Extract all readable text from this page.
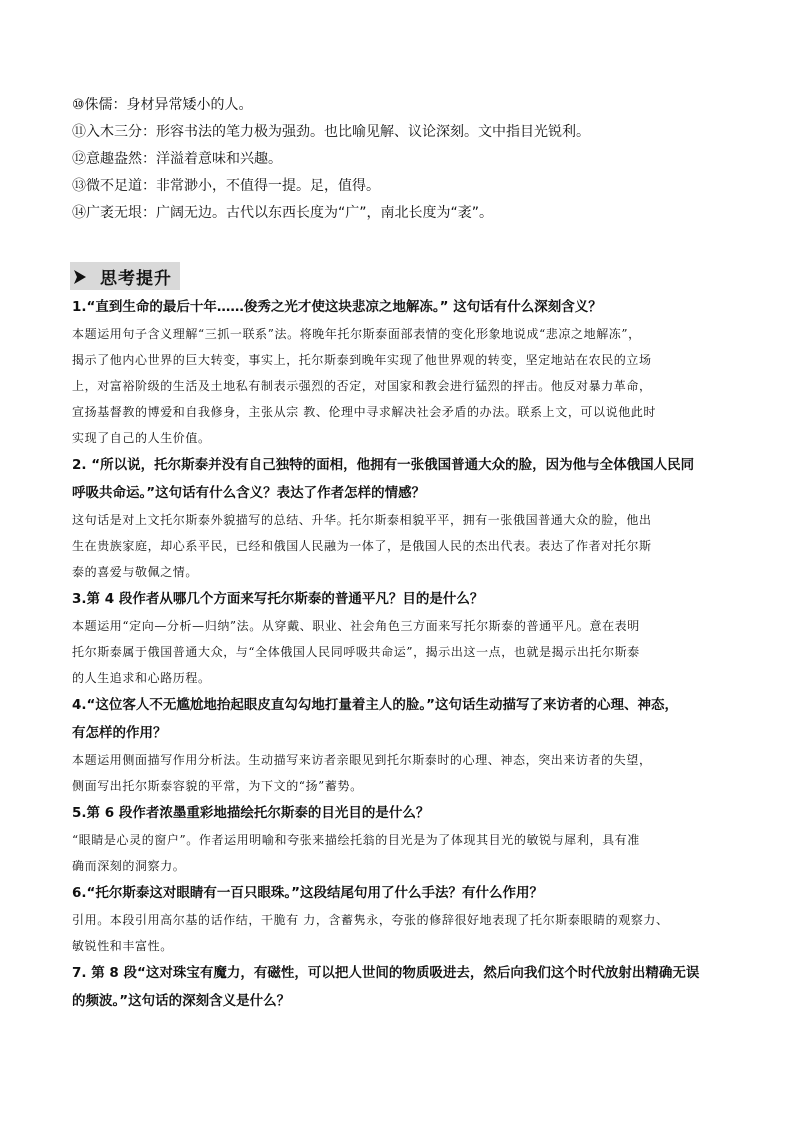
⑩侏儒：身材异常矮小的人。
⑪入木三分：形容书法的笔力极为强劲。也比喻见解、议论深刻。文中指目光锐利。
⑫意趣盎然：洋溢着意味和兴趣。
⑬微不足道：非常渺小，不值得一提。足，值得。
⑭广袤无垠：广阔无边。古代以东西长度为“广”，南北长度为“袤”。
思考提升

1.“直到生命的最后十年……俊秀之光才使这块悲凉之地解冻。” 这句话有什么深刻含义？

本题运用句子含义理解“三抓一联系”法。将晚年托尔斯泰面部表情的变化形象地说成“悲凉之地解冻”，

揭示了他内心世界的巨大转变，事实上，托尔斯泰到晚年实现了他世界观的转变，坚定地站在农民的立场

上，对富裕阶级的生活及土地私有制表示强烈的否定，对国家和教会进行猛烈的抨击。他反对暴力革命，

宣扬基督教的博爱和自我修身，主张从宗 教、伦理中寻求解决社会矛盾的办法。联系上文，可以说他此时

实现了自己的人生价值。

2. “所以说，托尔斯泰并没有自己独特的面相，他拥有一张俄国普通大众的脸，因为他与全体俄国人民同

呼吸共命运。”这句话有什么含义？表达了作者怎样的情感？

这句话是对上文托尔斯泰外貌描写的总结、升华。托尔斯泰相貌平平，拥有一张俄国普通大众的脸，他出

生在贵族家庭，却心系平民，已经和俄国人民融为一体了，是俄国人民的杰出代表。表达了作者对托尔斯

泰的喜爱与敬佩之情。

3.第 4 段作者从哪几个方面来写托尔斯泰的普通平凡？目的是什么？

本题运用“定向—分析—归纳”法。从穿戴、职业、社会角色三方面来写托尔斯泰的普通平凡。意在表明

托尔斯泰属于俄国普通大众，与“全体俄国人民同呼吸共命运”，揭示出这一点，也就是揭示出托尔斯泰

的人生追求和心路历程。

4.“这位客人不无尴尬地抬起眼皮直勾勾地打量着主人的脸。”这句话生动描写了来访者的心理、神态，

有怎样的作用？

本题运用侧面描写作用分析法。生动描写来访者亲眼见到托尔斯泰时的心理、神态，突出来访者的失望，

侧面写出托尔斯泰容貌的平常，为下文的“扬”蓄势。

5.第 6 段作者浓墨重彩地描绘托尔斯泰的目光目的是什么？

“眼睛是心灵的窗户”。作者运用明喻和夸张来描绘托翁的目光是为了体现其目光的敏锐与犀利，具有准

确而深刻的洞察力。

6.“托尔斯泰这对眼睛有一百只眼珠。”这段结尾句用了什么手法？有什么作用？

引用。本段引用高尔基的话作结，干脆有 力，含蓄隽永，夸张的修辞很好地表现了托尔斯泰眼睛的观察力、

敏锐性和丰富性。

7. 第 8 段“这对珠宝有魔力，有磁性，可以把人世间的物质吸进去，然后向我们这个时代放射出精确无误

的频波。”这句话的深刻含义是什么？
